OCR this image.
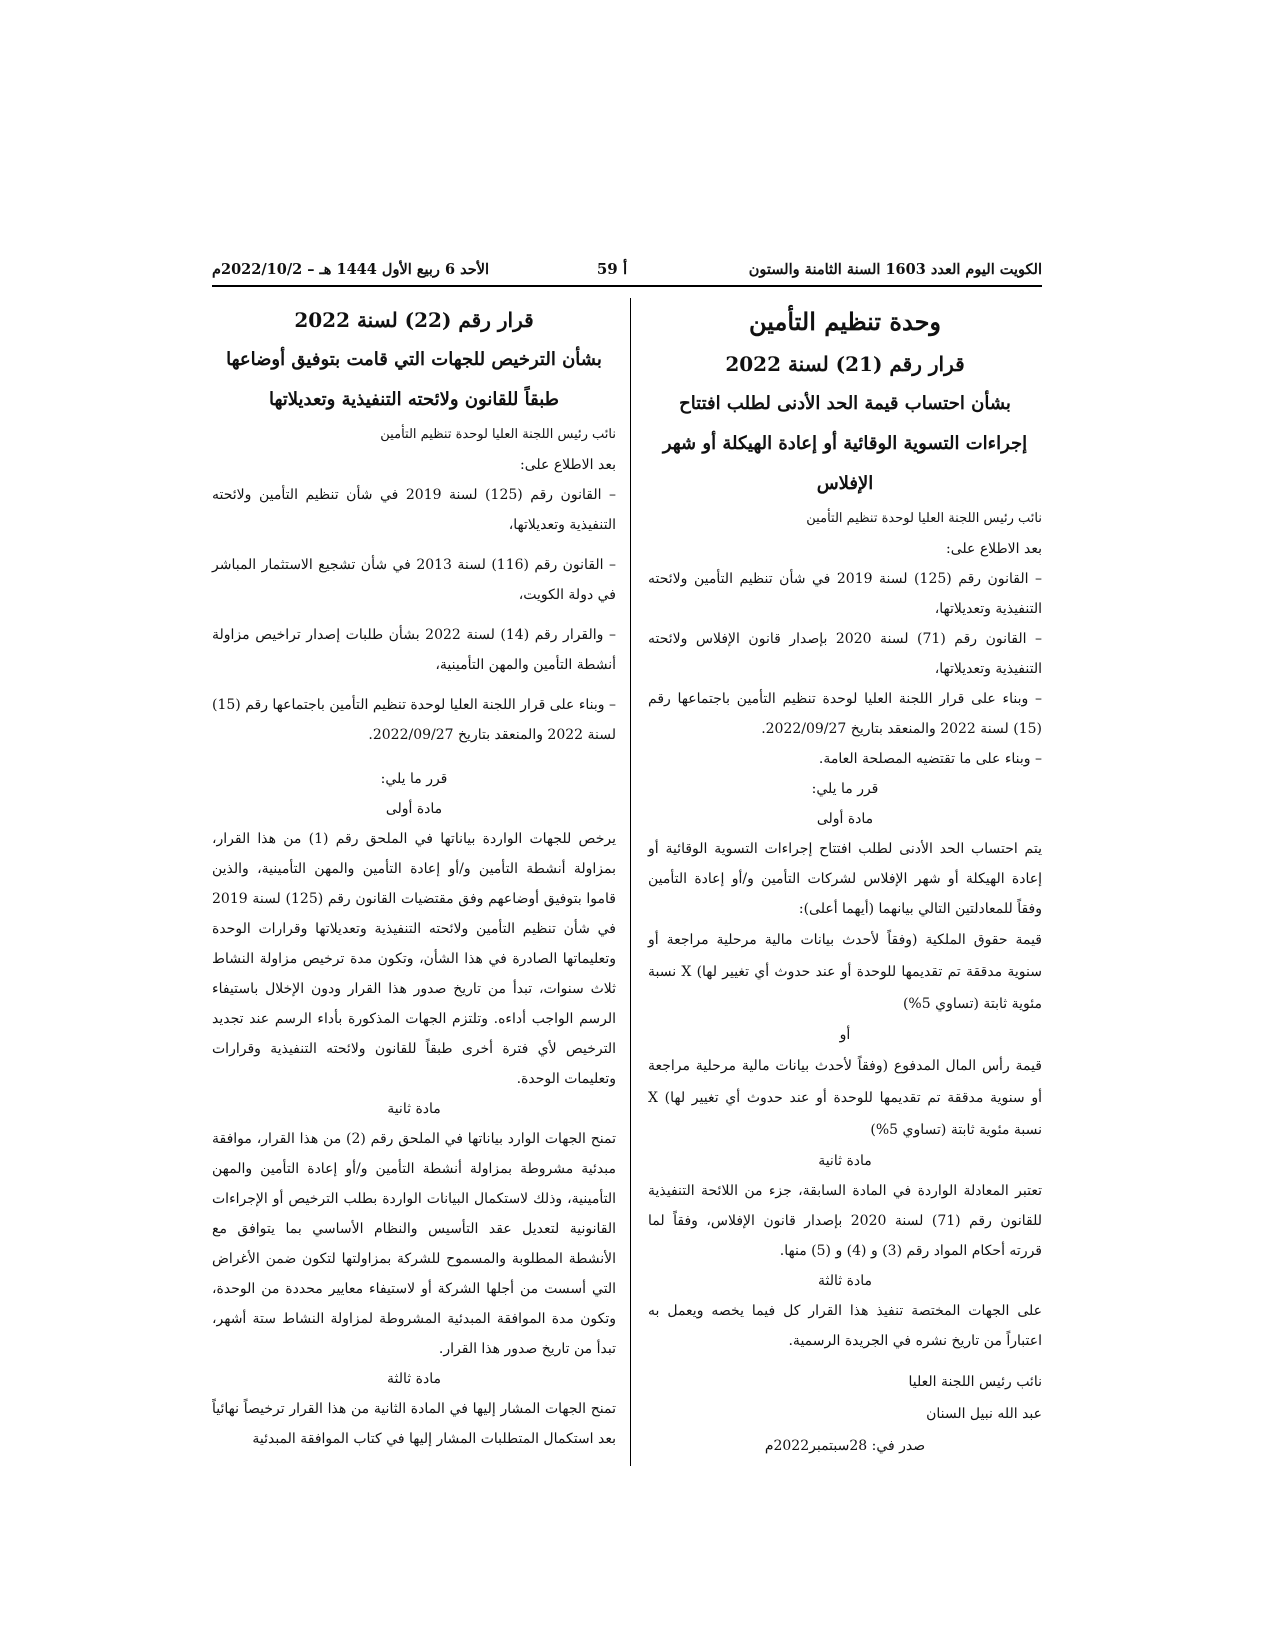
الكويت اليوم العدد 1603 السنة الثامنة والستون
أ 59
الأحد 6 ربيع الأول 1444 هـ – 2022/10/2م

وحدة تنظيم التأمين

قرار رقم (21) لسنة 2022

بشأن احتساب قيمة الحد الأدنى لطلب افتتاح

إجراءات التسوية الوقائية أو إعادة الهيكلة أو شهر

الإفلاس

نائب رئيس اللجنة العليا لوحدة تنظيم التأمين

بعد الاطلاع على:

– القانون رقم (125) لسنة 2019 في شأن تنظيم التأمين ولائحته التنفيذية وتعديلاتها،

– القانون رقم (71) لسنة 2020 بإصدار قانون الإفلاس ولائحته التنفيذية وتعديلاتها،

– وبناء على قرار اللجنة العليا لوحدة تنظيم التأمين باجتماعها رقم (15) لسنة 2022 والمنعقد بتاريخ 2022/09/27.

– وبناء على ما تقتضيه المصلحة العامة.

قرر ما يلي:

مادة أولى

يتم احتساب الحد الأدنى لطلب افتتاح إجراءات التسوية الوقائية أو إعادة الهيكلة أو شهر الإفلاس لشركات التأمين و/أو إعادة التأمين وفقاً للمعادلتين التالي بيانهما (أيهما أعلى):

قيمة حقوق الملكية (وفقاً لأحدث بيانات مالية مرحلية مراجعة أو سنوية مدققة تم تقديمها للوحدة أو عند حدوث أي تغيير لها) X نسبة مئوية ثابتة (تساوي 5%)

أو

قيمة رأس المال المدفوع (وفقاً لأحدث بيانات مالية مرحلية مراجعة أو سنوية مدققة تم تقديمها للوحدة أو عند حدوث أي تغيير لها) X نسبة مئوية ثابتة (تساوي 5%)

مادة ثانية

تعتبر المعادلة الواردة في المادة السابقة، جزء من اللائحة التنفيذية للقانون رقم (71) لسنة 2020 بإصدار قانون الإفلاس، وفقاً لما قررته أحكام المواد رقم (3) و (4) و (5) منها.

مادة ثالثة

على الجهات المختصة تنفيذ هذا القرار كل فيما يخصه ويعمل به اعتباراً من تاريخ نشره في الجريدة الرسمية.

نائب رئيس اللجنة العليا

عبد الله نبيل السنان

صدر في: 28سبتمبر2022م

قرار رقم (22) لسنة 2022

بشأن الترخيص للجهات التي قامت بتوفيق أوضاعها

طبقاً للقانون ولائحته التنفيذية وتعديلاتها

نائب رئيس اللجنة العليا لوحدة تنظيم التأمين

بعد الاطلاع على:

– القانون رقم (125) لسنة 2019 في شأن تنظيم التأمين ولائحته التنفيذية وتعديلاتها،

– القانون رقم (116) لسنة 2013 في شأن تشجيع الاستثمار المباشر في دولة الكويت،

– والقرار رقم (14) لسنة 2022 بشأن طلبات إصدار تراخيص مزاولة أنشطة التأمين والمهن التأمينية،

– وبناء على قرار اللجنة العليا لوحدة تنظيم التأمين باجتماعها رقم (15) لسنة 2022 والمنعقد بتاريخ 2022/09/27.

قرر ما يلي:

مادة أولى

يرخص للجهات الواردة بياناتها في الملحق رقم (1) من هذا القرار، بمزاولة أنشطة التأمين و/أو إعادة التأمين والمهن التأمينية، والذين قاموا بتوفيق أوضاعهم وفق مقتضيات القانون رقم (125) لسنة 2019 في شأن تنظيم التأمين ولائحته التنفيذية وتعديلاتها وقرارات الوحدة وتعليماتها الصادرة في هذا الشأن، وتكون مدة ترخيص مزاولة النشاط ثلاث سنوات، تبدأ من تاريخ صدور هذا القرار ودون الإخلال باستيفاء الرسم الواجب أداءه. وتلتزم الجهات المذكورة بأداء الرسم عند تجديد الترخيص لأي فترة أخرى طبقاً للقانون ولائحته التنفيذية وقرارات وتعليمات الوحدة.

مادة ثانية

تمنح الجهات الوارد بياناتها في الملحق رقم (2) من هذا القرار، موافقة مبدئية مشروطة بمزاولة أنشطة التأمين و/أو إعادة التأمين والمهن التأمينية، وذلك لاستكمال البيانات الواردة بطلب الترخيص أو الإجراءات القانونية لتعديل عقد التأسيس والنظام الأساسي بما يتوافق مع الأنشطة المطلوبة والمسموح للشركة بمزاولتها لتكون ضمن الأغراض التي أسست من أجلها الشركة أو لاستيفاء معايير محددة من الوحدة، وتكون مدة الموافقة المبدئية المشروطة لمزاولة النشاط ستة أشهر، تبدأ من تاريخ صدور هذا القرار.

مادة ثالثة

تمنح الجهات المشار إليها في المادة الثانية من هذا القرار ترخيصاً نهائياً بعد استكمال المتطلبات المشار إليها في كتاب الموافقة المبدئية
